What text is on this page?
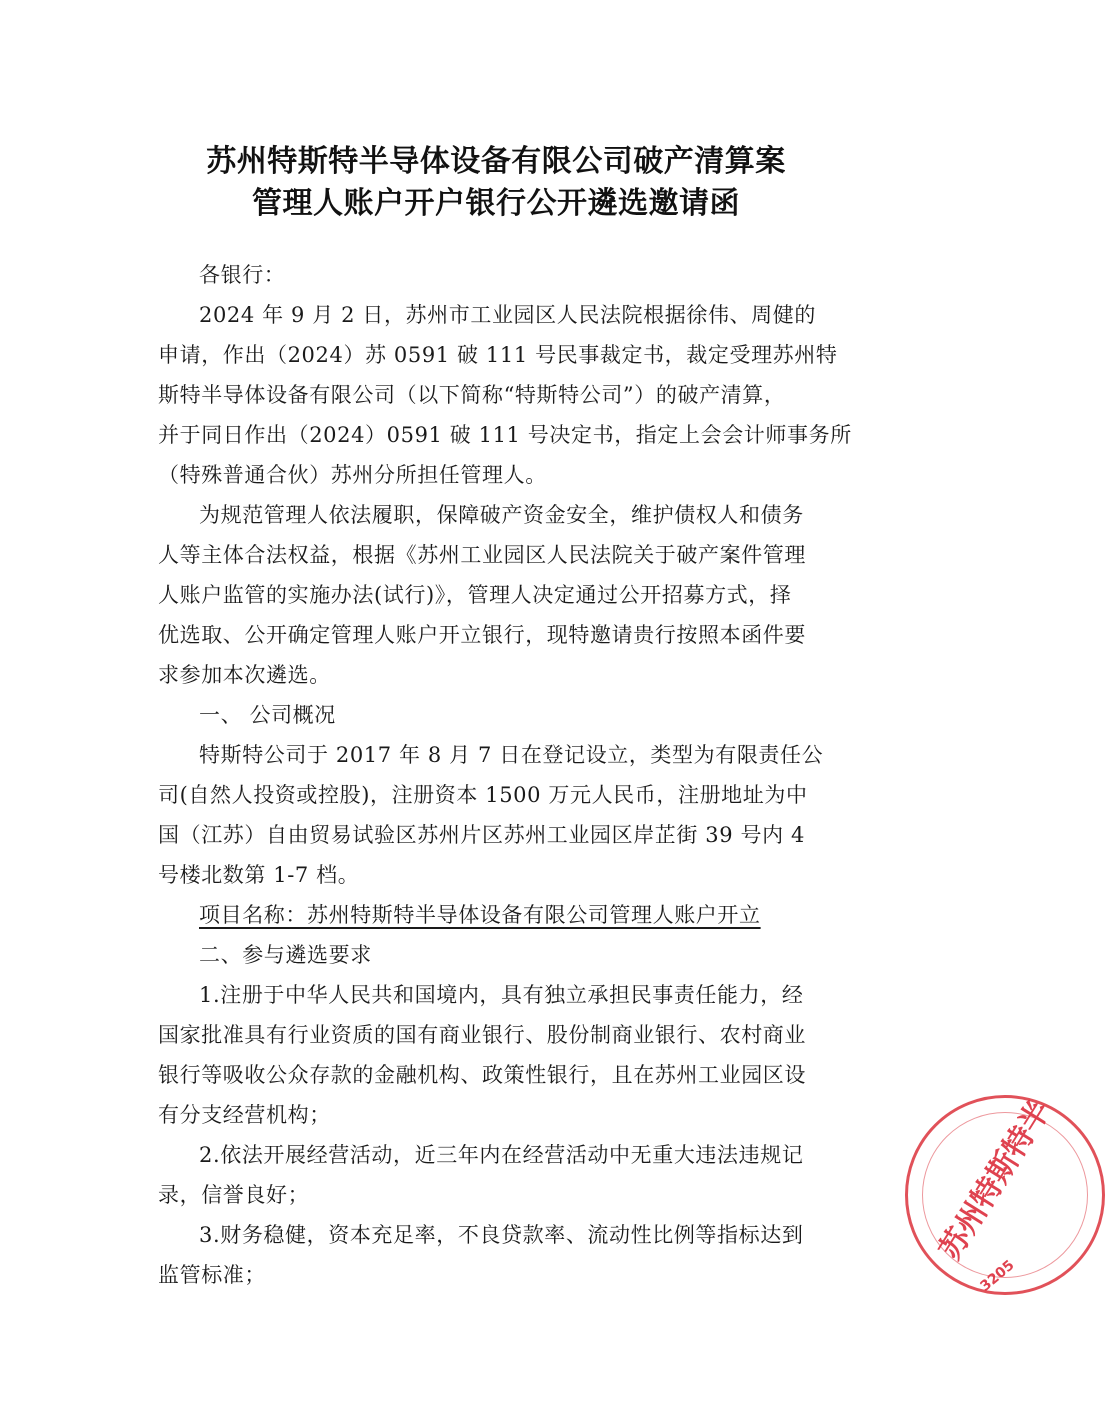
苏州特斯特半导体设备有限公司破产清算案
管理人账户开户银行公开遴选邀请函
各银行：
2024 年 9 月 2 日，苏州市工业园区人民法院根据徐伟、周健的
申请，作出（2024）苏 0591 破 111 号民事裁定书，裁定受理苏州特
斯特半导体设备有限公司（以下简称“特斯特公司”）的破产清算，
并于同日作出（2024）0591 破 111 号决定书，指定上会会计师事务所
（特殊普通合伙）苏州分所担任管理人。
为规范管理人依法履职，保障破产资金安全，维护债权人和债务
人等主体合法权益，根据《苏州工业园区人民法院关于破产案件管理
人账户监管的实施办法(试行)》，管理人决定通过公开招募方式，择
优选取、公开确定管理人账户开立银行，现特邀请贵行按照本函件要
求参加本次遴选。
一、 公司概况
特斯特公司于 2017 年 8 月 7 日在登记设立，类型为有限责任公
司(自然人投资或控股)，注册资本 1500 万元人民币，注册地址为中
国（江苏）自由贸易试验区苏州片区苏州工业园区岸芷街 39 号内 4
号楼北数第 1-7 档。
项目名称：苏州特斯特半导体设备有限公司管理人账户开立
二、参与遴选要求
1.注册于中华人民共和国境内，具有独立承担民事责任能力，经
国家批准具有行业资质的国有商业银行、股份制商业银行、农村商业
银行等吸收公众存款的金融机构、政策性银行，且在苏州工业园区设
有分支经营机构；
2.依法开展经营活动，近三年内在经营活动中无重大违法违规记
录，信誉良好；
3.财务稳健，资本充足率，不良贷款率、流动性比例等指标达到
监管标准；
苏州特斯特半
3205
